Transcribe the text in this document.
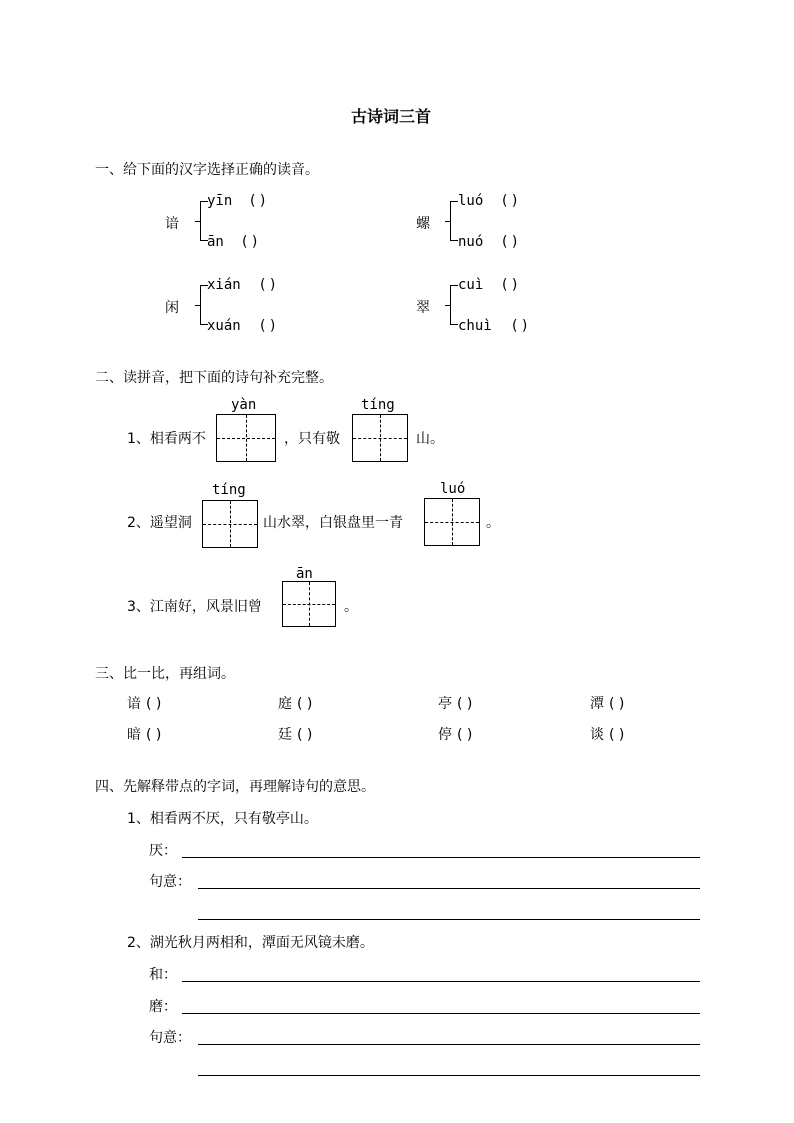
古诗词三首
一、给下面的汉字选择正确的读音。
谙
yīn ( )
ān ( )
螺
luó ( )
nuó ( )
闲
xián ( )
xuán ( )
翠
cuì ( )
chuì ( )
二、读拼音，把下面的诗句补充完整。
1、相看两不
yàn
，只有敬
tíng
山。
2、遥望洞
tíng
山水翠，白银盘里一青
luó
。
3、江南好，风景旧曾
ān
。
三、比一比，再组词。
谙 ( )	庭 ( )	亭 ( )	潭 ( )
暗 ( )	廷 ( )	停 ( )	谈 ( )
四、先解释带点的字词，再理解诗句的意思。
1、相看两不厌，只有敬亭山。
厌：
句意：
2、湖光秋月两相和，潭面无风镜未磨。
和：
磨：
句意：
